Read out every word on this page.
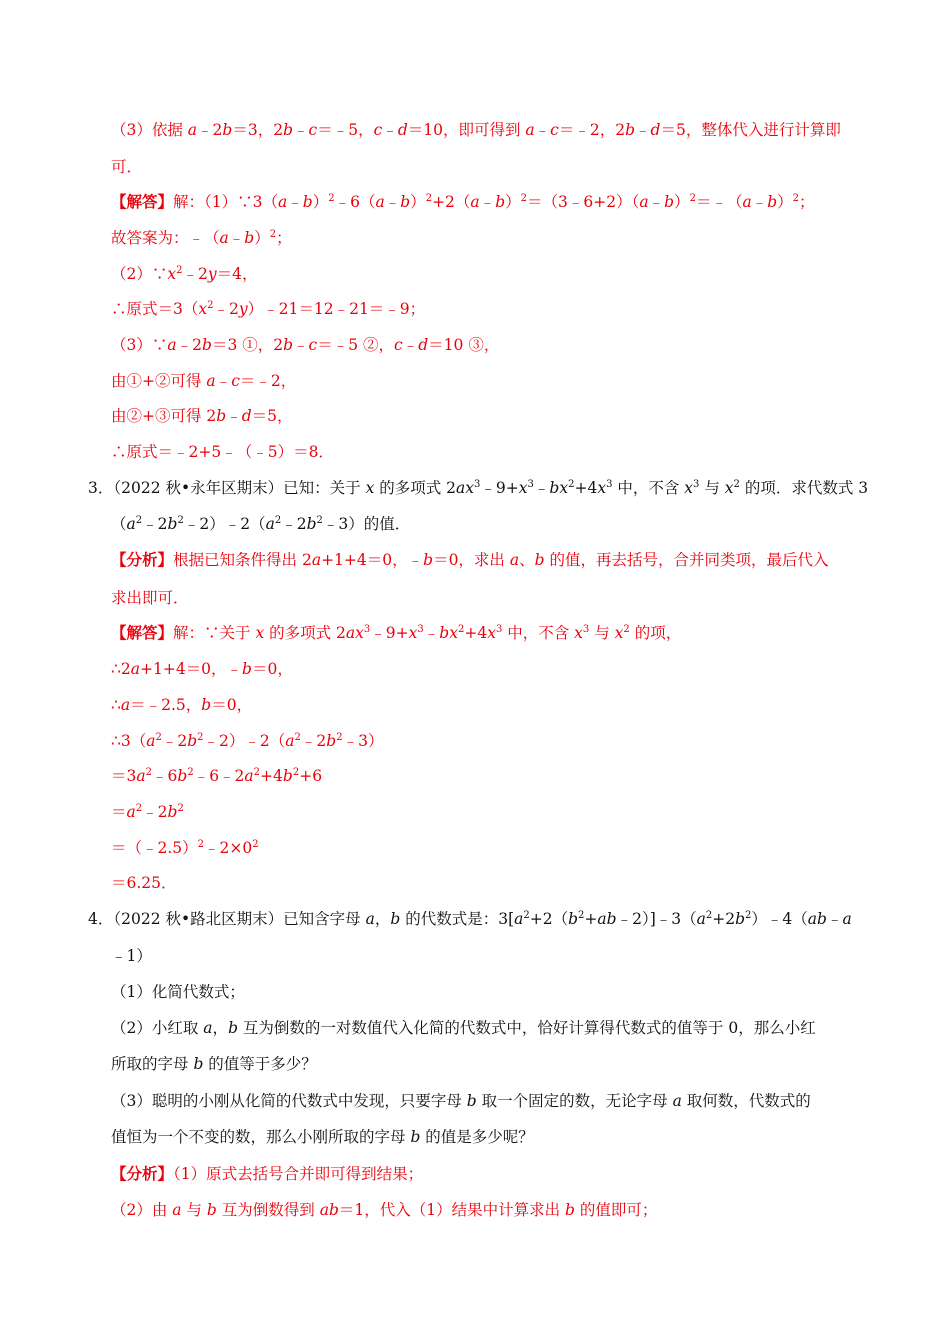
（3）依据 a﹣2b＝3，2b﹣c＝﹣5，c﹣d＝10，即可得到 a﹣c＝﹣2，2b﹣d＝5，整体代入进行计算即
可．
【解答】解：（1）∵3（a﹣b）$^2$﹣6（a﹣b）$^2$+2（a﹣b）$^2$＝（3﹣6+2）（a﹣b）$^2$＝﹣（a﹣b）$^2$；
故答案为：﹣（a﹣b）$^2$；
$(2)\because x^2﹣2y=4$，
∴原式$=3(x^2﹣2y)﹣21=12﹣21=﹣9$；
（3）∵a﹣2b＝3 ①，2b﹣c＝﹣5 ②，c﹣d＝10 ③，
由①+②可得 a﹣c＝﹣2，
由②+③可得 2b﹣d＝5，
∴原式＝﹣2+5﹣（﹣5）＝8．
3．（2022 秋•永年区期末）已知：关于 x 的多项式 $2ax^3﹣9+x^3﹣bx^2+4x^3$ 中，不含 $x^3$ 与 $x^2$ 的项．求代数式 3
$(a^2﹣2b^2﹣2)﹣2(a^2﹣2b^2﹣3)$的值．
【分析】根据已知条件得出 2a+1+4＝0，﹣b＝0，求出 a、b 的值，再去括号，合并同类项，最后代入
求出即可．
【解答】解：∵关于 x 的多项式 $2ax^3﹣9+x^3﹣bx^2+4x^3$ 中，不含 $x^3$ 与 $x^2$ 的项，
∴2a+1+4＝0，﹣b＝0，
∴a＝﹣2.5，b＝0，
$\therefore 3(a^2﹣2b^2﹣2)﹣2(a^2﹣2b^2﹣3)$
$=3a^2﹣6b^2﹣6﹣2a^2+4b^2+6$
$=a^2﹣2b^2$
$=(﹣2.5)^2﹣2\times 0^2$
＝6.25．
4．（2022 秋•路北区期末）已知含字母 a，b 的代数式是：$3[a^2+2(b^2+ab﹣2)]﹣3(a^2+2b^2)﹣4(ab﹣a$
﹣1）
（1）化简代数式；
（2）小红取 a，b 互为倒数的一对数值代入化简的代数式中，恰好计算得代数式的值等于 0，那么小红
所取的字母 b 的值等于多少？
（3）聪明的小刚从化简的代数式中发现，只要字母 b 取一个固定的数，无论字母 a 取何数，代数式的
值恒为一个不变的数，那么小刚所取的字母 b 的值是多少呢？
【分析】（1）原式去括号合并即可得到结果；
（2）由 a 与 b 互为倒数得到 ab＝1，代入（1）结果中计算求出 b 的值即可；
